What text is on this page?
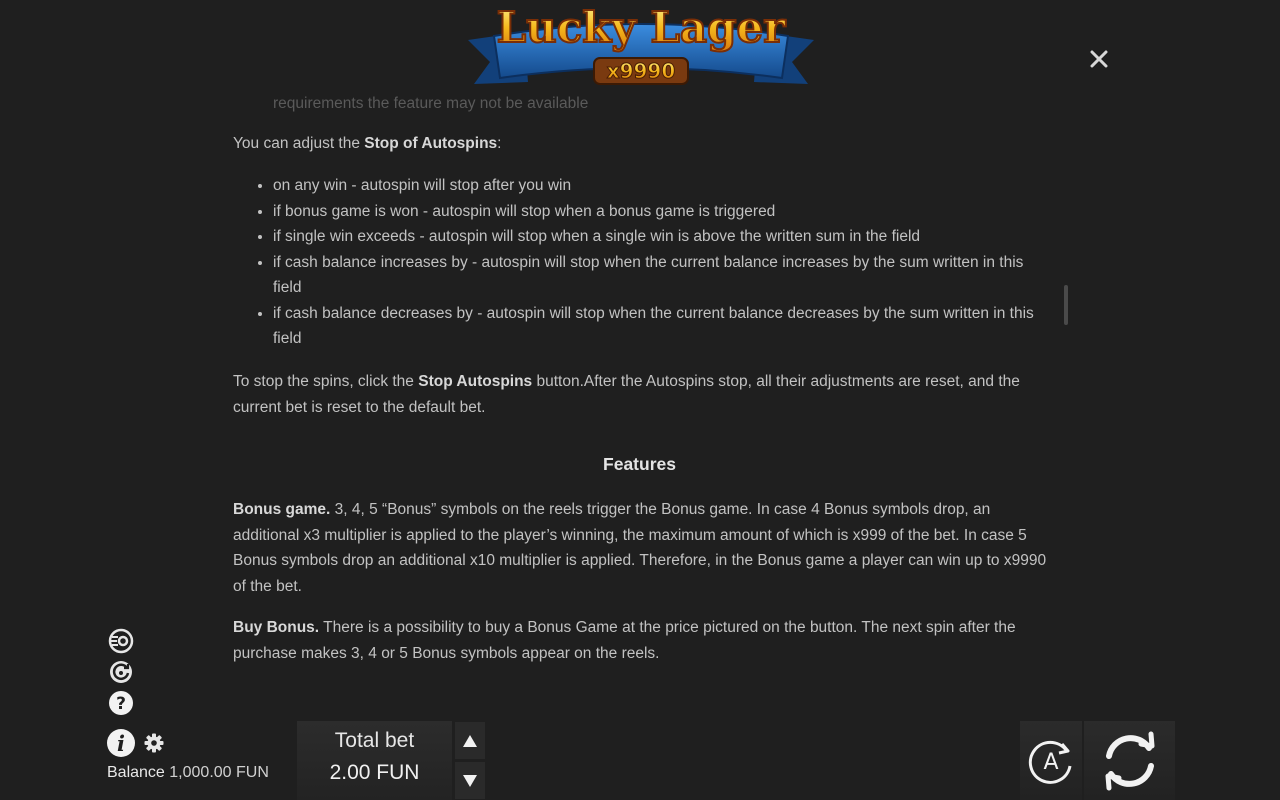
Lucky Lager
x9990
requirements the feature may not be available

You can adjust the Stop of Autospins:

• on any win - autospin will stop after you win
• if bonus game is won - autospin will stop when a bonus game is triggered
• if single win exceeds - autospin will stop when a single win is above the written sum in the field
• if cash balance increases by - autospin will stop when the current balance increases by the sum written in this field
• if cash balance decreases by - autospin will stop when the current balance decreases by the sum written in this field

To stop the spins, click the Stop Autospins button.After the Autospins stop, all their adjustments are reset, and the current bet is reset to the default bet.

Features

Bonus game. 3, 4, 5 “Bonus” symbols on the reels trigger the Bonus game. In case 4 Bonus symbols drop, an additional x3 multiplier is applied to the player’s winning, the maximum amount of which is x999 of the bet. In case 5 Bonus symbols drop an additional x10 multiplier is applied. Therefore, in the Bonus game a player can win up to x9990 of the bet.

Buy Bonus. There is a possibility to buy a Bonus Game at the price pictured on the button. The next spin after the purchase makes 3, 4 or 5 Bonus symbols appear on the reels.

?
i
Balance 1,000.00 FUN
Total bet
2.00 FUN	A
